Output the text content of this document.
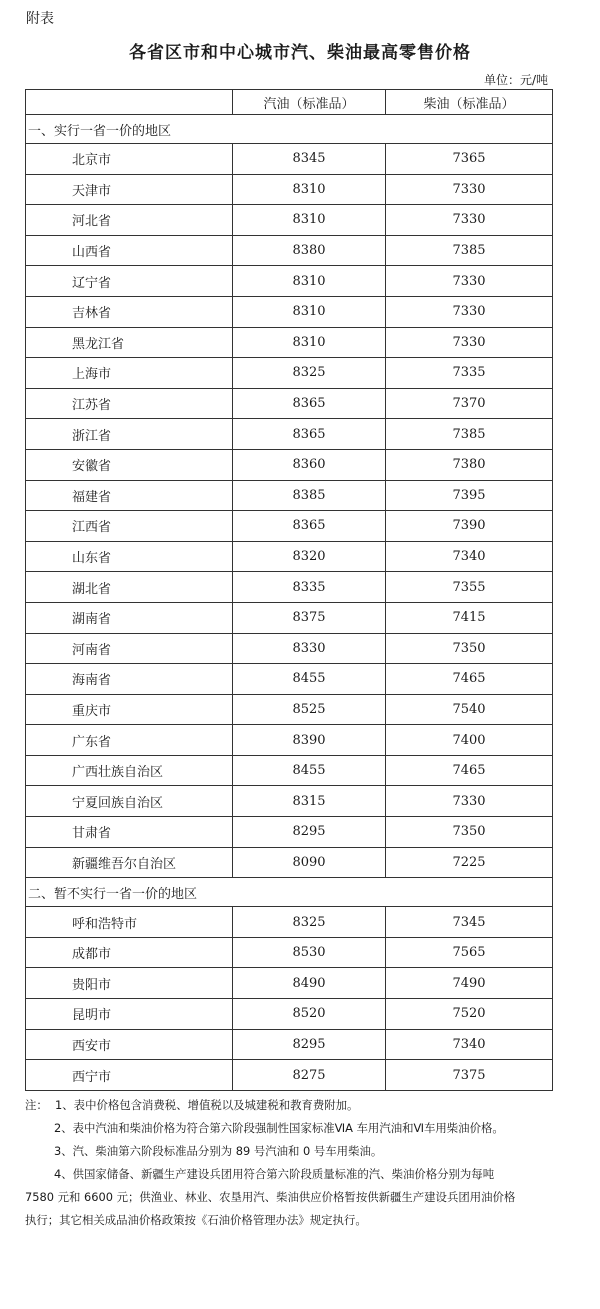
附表
各省区市和中心城市汽、柴油最高零售价格
单位：元/吨
	汽油（标准品）	柴油（标准品）
一、实行一省一价的地区		
北京市	8345	7365
天津市	8310	7330
河北省	8310	7330
山西省	8380	7385
辽宁省	8310	7330
吉林省	8310	7330
黑龙江省	8310	7330
上海市	8325	7335
江苏省	8365	7370
浙江省	8365	7385
安徽省	8360	7380
福建省	8385	7395
江西省	8365	7390
山东省	8320	7340
湖北省	8335	7355
湖南省	8375	7415
河南省	8330	7350
海南省	8455	7465
重庆市	8525	7540
广东省	8390	7400
广西壮族自治区	8455	7465
宁夏回族自治区	8315	7330
甘肃省	8295	7350
新疆维吾尔自治区	8090	7225
二、暂不实行一省一价的地区		
呼和浩特市	8325	7345
成都市	8530	7565
贵阳市	8490	7490
昆明市	8520	7520
西安市	8295	7340
西宁市	8275	7375

注： 1、表中价格包含消费税、增值税以及城建税和教育费附加。

2、表中汽油和柴油价格为符合第六阶段强制性国家标准ⅥA 车用汽油和Ⅵ车用柴油价格。

3、汽、柴油第六阶段标准品分别为 89 号汽油和 0 号车用柴油。

4、供国家储备、新疆生产建设兵团用符合第六阶段质量标准的汽、柴油价格分别为每吨

7580 元和 6600 元；供渔业、林业、农垦用汽、柴油供应价格暂按供新疆生产建设兵团用油价格

执行；其它相关成品油价格政策按《石油价格管理办法》规定执行。
